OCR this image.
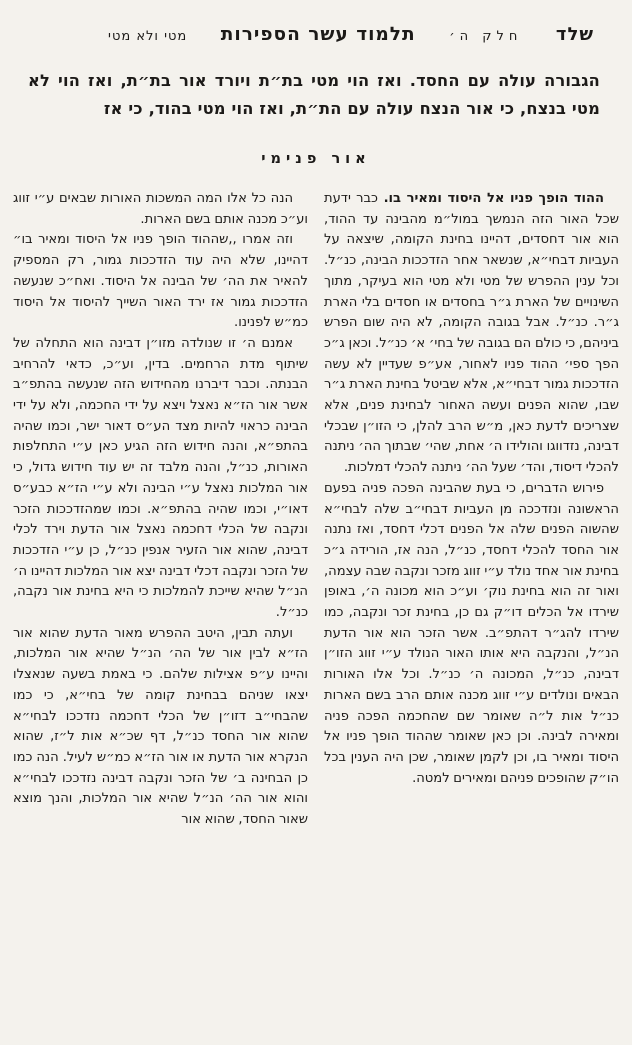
שלד
חלק ה׳
תלמוד עשר הספירות
מטי ולא מטי

הגבורה עולה עם החסד. ואז הוי מטי בת״ת ויורד אור בת״ת, ואז הוי לא מטי בנצח, כי אור הנצח עולה עם הת״ת, ואז הוי מטי בהוד, כי אז

אור פנימי

ההוד הופך פניו אל היסוד ומאיר בו.כבר ידעת שכל האור הזה הנמשך במול״מ מהבינה עד ההוד, הוא אור דחסדים, דהיינו בחינת הקומה, שיצאה על העביות דבחי״א, שנשאר אחר הזדככות הבינה, כנ״ל. וכל ענין ההפרש של מטי ולא מטי הוא בעיקר, מתוך השינויים של הארת ג״ר בחסדים או חסדים בלי הארת ג״ר. כנ״ל. אבל בגובה הקומה, לא היה שום הפרש ביניהם, כי כולם הם בגובה של בחי׳ א׳ כנ״ל. וכאן ג״כ הפך ספי׳ ההוד פניו לאחור, אע״פ שעדיין לא עשה הזדככות גמור דבחי״א, אלא שביטל בחינת הארת ג״ר שבו, שהוא הפנים ועשה האחור לבחינת פנים, אלא שצריכים לדעת כאן, מ״ש הרב להלן, כי הזו״ן שבכלי דבינה, נזדווגו והולידו ה׳ אחת, שהי׳ שבתוך הה׳ ניתנה להכלי דיסוד, והד׳ שעל הה׳ ניתנה להכלי דמלכות.

פירוש הדברים, כי בעת שהבינה הפכה פניה בפעם הראשונה ונזדככה מן העביות דבחי״ב שלה לבחי״א שהשוה הפנים שלה אל הפנים דכלי דחסד, ואז נתנה אור החסד להכלי דחסד, כנ״ל, הנה אז, הורידה ג״כ בחינת אור אחד נולד ע״י זווג מזכר ונקבה שבה עצמה, ואור זה הוא בחינת נוק׳ וע״כ הוא מכונה ה׳, באופן שירדו אל הכלים דו״ק גם כן, בחינת זכר ונקבה, כמו שירדו להג״ר דהתפ״ב. אשר הזכר הוא אור הדעת הנ״ל, והנקבה היא אותו האור הנולד ע״י זווג הזו״ן דבינה, כנ״ל, המכונה ה׳ כנ״ל. וכל אלו האורות הבאים ונולדים ע״י זווג מכנה אותם הרב בשם הארות כנ״ל אות ל״ה שאומר שם שהחכמה הפכה פניה ומאירה לבינה. וכן כאן שאומר שההוד הופך פניו אל היסוד ומאיר בו, וכן לקמן שאומר, שכן היה הענין בכל הו״ק שהופכים פניהם ומאירים למטה.

הנה כל אלו המה המשכות האורות שבאים ע״י זווג וע״כ מכנה אותם בשם הארות.

וזה אמרו ,,שההוד הופך פניו אל היסוד ומאיר בו״ דהיינו, שלא היה עוד הזדככות גמור, רק המספיק להאיר את הה׳ של הבינה אל היסוד. ואח״כ שנעשה הזדככות גמור אז ירד האור השייך להיסוד אל היסוד כמ״ש לפנינו.

אמנם ה׳ זו שנולדה מזו״ן דבינה הוא התחלה של שיתוף מדת הרחמים. בדין, וע״כ, כדאי להרחיב הבנתה. וכבר דיברנו מהחידוש הזה שנעשה בהתפ״ב אשר אור הז״א נאצל ויצא על ידי החכמה, ולא על ידי הבינה כראוי להיות מצד הע״ס דאור ישר, וכמו שהיה בהתפ״א, והנה חידוש הזה הגיע כאן ע״י התחלפות האורות, כנ״ל, והנה מלבד זה יש עוד חידוש גדול, כי אור המלכות נאצל ע״י הבינה ולא ע״י הז״א כבע״ס דאו״י, וכמו שהיה בהתפ״א. וכמו שמהזדככות הזכר ונקבה של הכלי דחכמה נאצל אור הדעת וירד לכלי דבינה, שהוא אור הזעיר אנפין כנ״ל, כן ע״י הזדככות של הזכר ונקבה דכלי דבינה יצא אור המלכות דהיינו ה׳ הנ״ל שהיא שייכת להמלכות כי היא בחינת אור נקבה, כנ״ל.

ועתה תבין, היטב ההפרש מאור הדעת שהוא אור הז״א לבין אור של הה׳ הנ״ל שהיא אור המלכות, והיינו ע״פ אצילות שלהם. כי באמת בשעה שנאצלו יצאו שניהם בבחינת קומה של בחי״א, כי כמו שהבחי״ב דזו״ן של הכלי דחכמה נזדככו לבחי״א שהוא אור החסד כנ״ל, דף שכ״א אות ל״ז, שהוא הנקרא אור הדעת או אור הז״א כמ״ש לעיל. הנה כמו כן הבחינה ב׳ של הזכר ונקבה דבינה נזדככו לבחי״א והוא אור הה׳ הנ״ל שהיא אור המלכות, והנך מוצא שאור החסד, שהוא אור
